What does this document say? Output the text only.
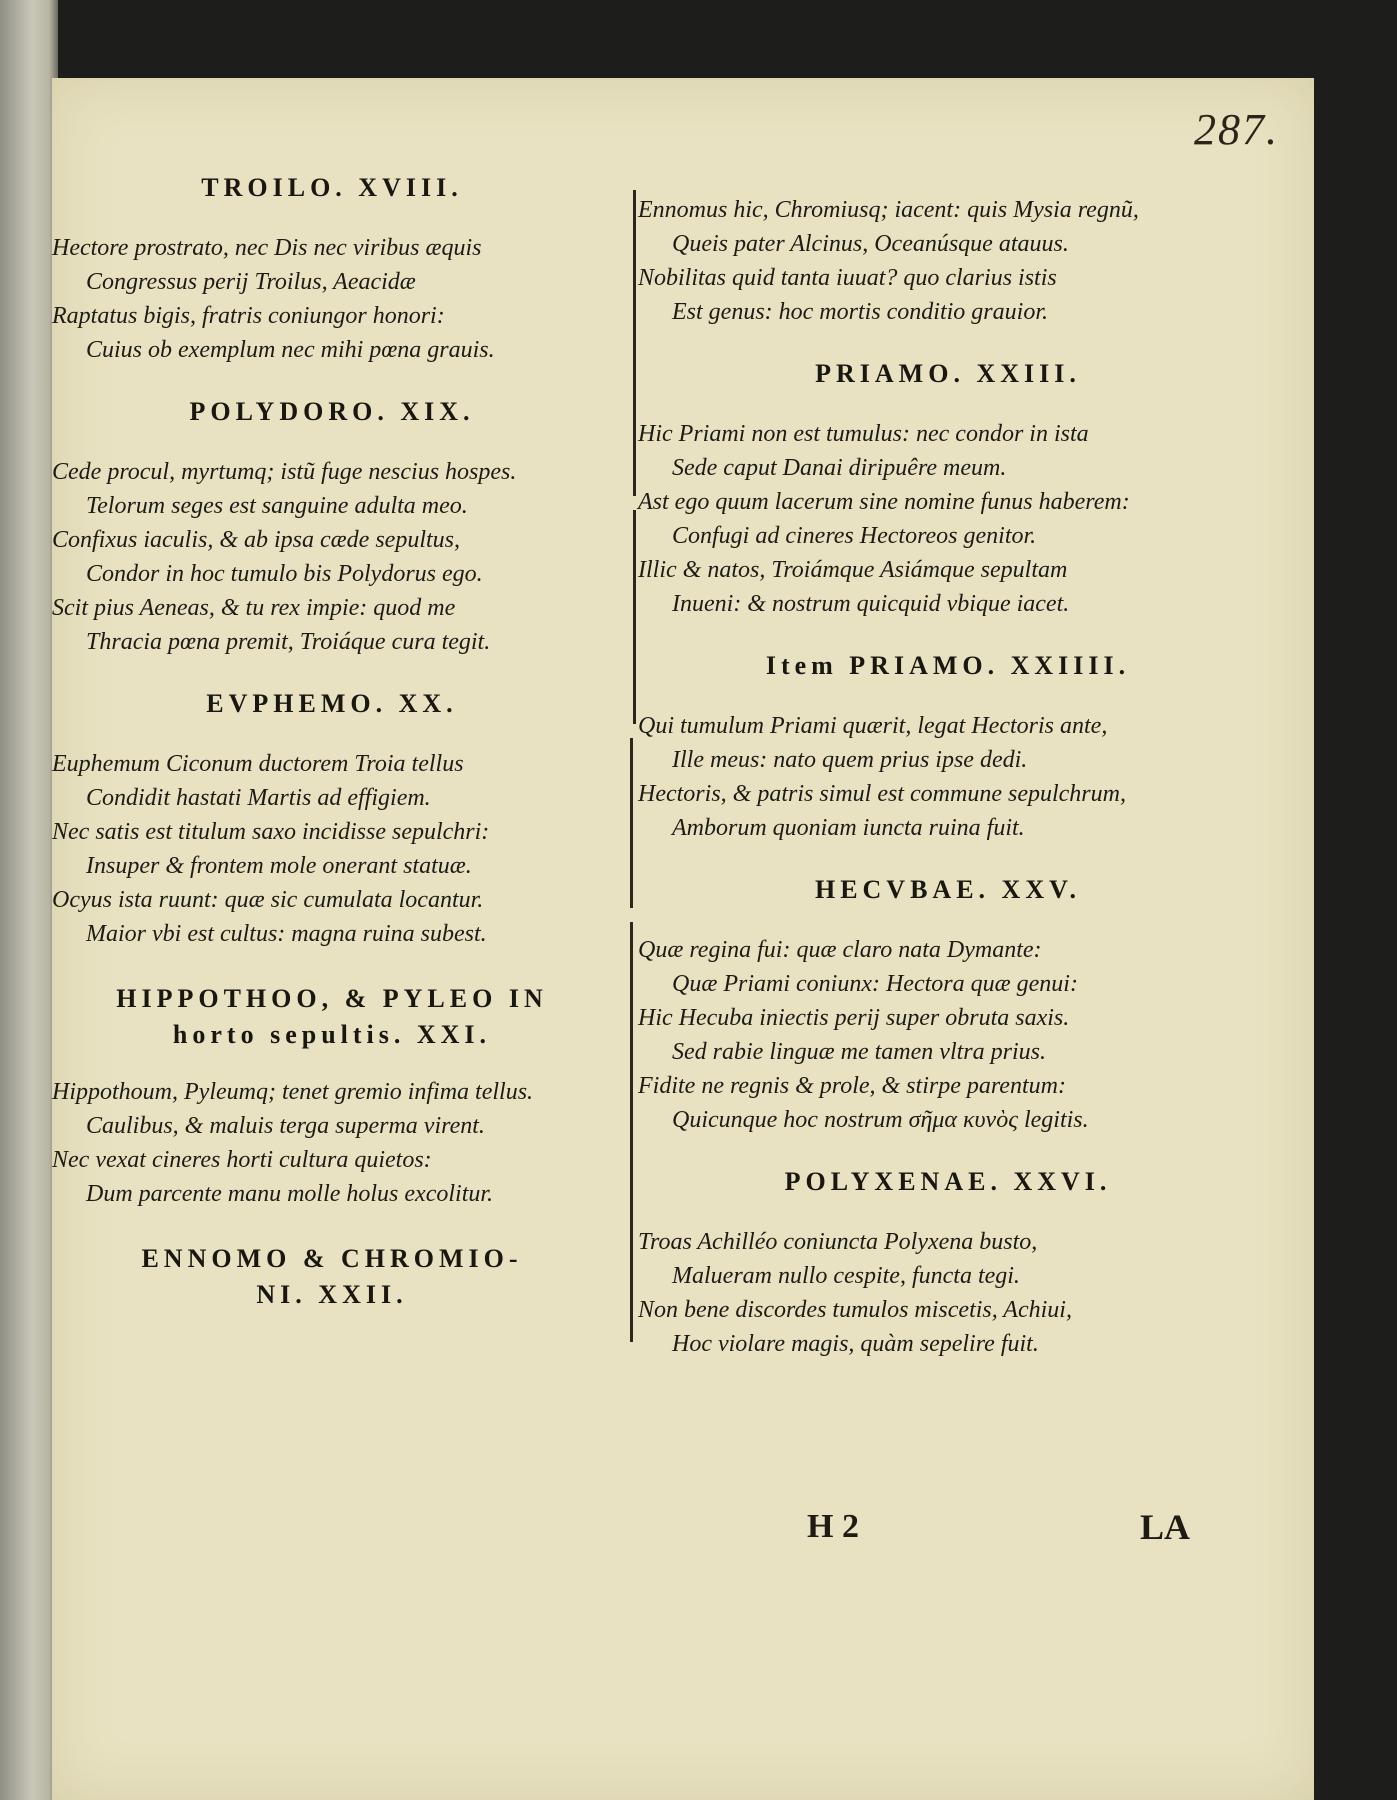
287.
TROILO. XVIII.
Hectore prostrato, nec Dis nec viribus æquis
Congressus perij Troilus, Aeacidæ
Raptatus bigis, fratris coniungor honori:
Cuius ob exemplum nec mihi pœna grauis.
POLYDORO. XIX.
Cede procul, myrtumq; istũ fuge nescius hospes.
Telorum seges est sanguine adulta meo.
Confixus iaculis, & ab ipsa cæde sepultus,
Condor in hoc tumulo bis Polydorus ego.
Scit pius Aeneas, & tu rex impie: quod me
Thracia pœna premit, Troiáque cura tegit.
EVPHEMO. XX.
Euphemum Ciconum ductorem Troia tellus
Condidit hastati Martis ad effigiem.
Nec satis est titulum saxo incidisse sepulchri:
Insuper & frontem mole onerant statuæ.
Ocyus ista ruunt: quæ sic cumulata locantur.
Maior vbi est cultus: magna ruina subest.
HIPPOTHOO, & PYLEO IN
horto sepultis. XXI.
Hippothoum, Pyleumq; tenet gremio infima tellus.
Caulibus, & maluis terga superma virent.
Nec vexat cineres horti cultura quietos:
Dum parcente manu molle holus excolitur.
ENNOMO & CHROMIO-
NI. XXII.
Ennomus hic, Chromiusq; iacent: quis Mysia regnũ,
Queis pater Alcinus, Oceanúsque atauus.
Nobilitas quid tanta iuuat? quo clarius istis
Est genus: hoc mortis conditio grauior.
PRIAMO. XXIII.
Hic Priami non est tumulus: nec condor in ista
Sede caput Danai diripuêre meum.
Ast ego quum lacerum sine nomine funus haberem:
Confugi ad cineres Hectoreos genitor.
Illic & natos, Troiámque Asiámque sepultam
Inueni: & nostrum quicquid vbique iacet.
Item PRIAMO. XXIIII.
Qui tumulum Priami quærit, legat Hectoris ante,
Ille meus: nato quem prius ipse dedi.
Hectoris, & patris simul est commune sepulchrum,
Amborum quoniam iuncta ruina fuit.
HECVBAE. XXV.
Quæ regina fui: quæ claro nata Dymante:
Quæ Priami coniunx: Hectora quæ genui:
Hic Hecuba iniectis perij super obruta saxis.
Sed rabie linguæ me tamen vltra prius.
Fidite ne regnis & prole, & stirpe parentum:
Quicunque hoc nostrum σῆμα κυνὸς legitis.
POLYXENAE. XXVI.
Troas Achilléo coniuncta Polyxena busto,
Malueram nullo cespite, functa tegi.
Non bene discordes tumulos miscetis, Achiui,
Hoc violare magis, quàm sepelire fuit.
H 2	LA
